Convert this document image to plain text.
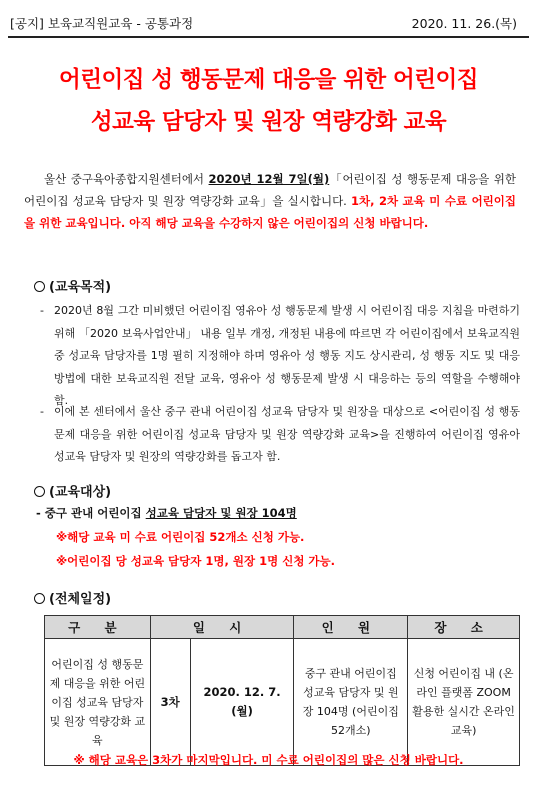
[공지] 보육교직원교육 - 공통과정	2020. 11. 26.(목)
어린이집 성 행동문제 대응을 위한 어린이집
성교육 담당자 및 원장 역량강화 교육
울산 중구육아종합지원센터에서 2020년 12월 7일(월)「어린이집 성 행동문제 대응을 위한 어린이집 성교육 담당자 및 원장 역량강화 교육」을 실시합니다. 1차, 2차 교육 미 수료 어린이집을 위한 교육입니다. 아직 해당 교육을 수강하지 않은 어린이집의 신청 바랍니다.
(교육목적)
- 2020년 8월 그간 미비했던 어린이집 영유아 성 행동문제 발생 시 어린이집 대응 지침을 마련하기 위해 「2020 보육사업안내」 내용 일부 개정, 개정된 내용에 따르면 각 어린이집에서 보육교직원 중 성교육 담당자를 1명 필히 지정해야 하며 영유아 성 행동 지도 상시관리, 성 행동 지도 및 대응방법에 대한 보육교직원 전달 교육, 영유아 성 행동문제 발생 시 대응하는 등의 역할을 수행해야 함.
- 이에 본 센터에서 울산 중구 관내 어린이집 성교육 담당자 및 원장을 대상으로 <어린이집 성 행동문제 대응을 위한 어린이집 성교육 담당자 및 원장 역량강화 교육>을 진행하여 어린이집 영유아 성교육 담당자 및 원장의 역량강화를 돕고자 함.
(교육대상)
- 중구 관내 어린이집 성교육 담당자 및 원장 104명
※해당 교육 미 수료 어린이집 52개소 신청 가능.
※어린이집 당 성교육 담당자 1명, 원장 1명 신청 가능.
(전체일정)
구 분	일 시		인 원	장 소
어린이집 성 행동문제 대응을 위한 어린이집 성교육 담당자 및 원장 역량강화 교육	3차	2020. 12. 7.(월)	중구 관내 어린이집 성교육 담당자 및 원장 104명 (어린이집 52개소)	신청 어린이집 내 (온라인 플랫폼 ZOOM 활용한 실시간 온라인 교육)
※ 해당 교육은 3차가 마지막입니다. 미 수료 어린이집의 많은 신청 바랍니다.
